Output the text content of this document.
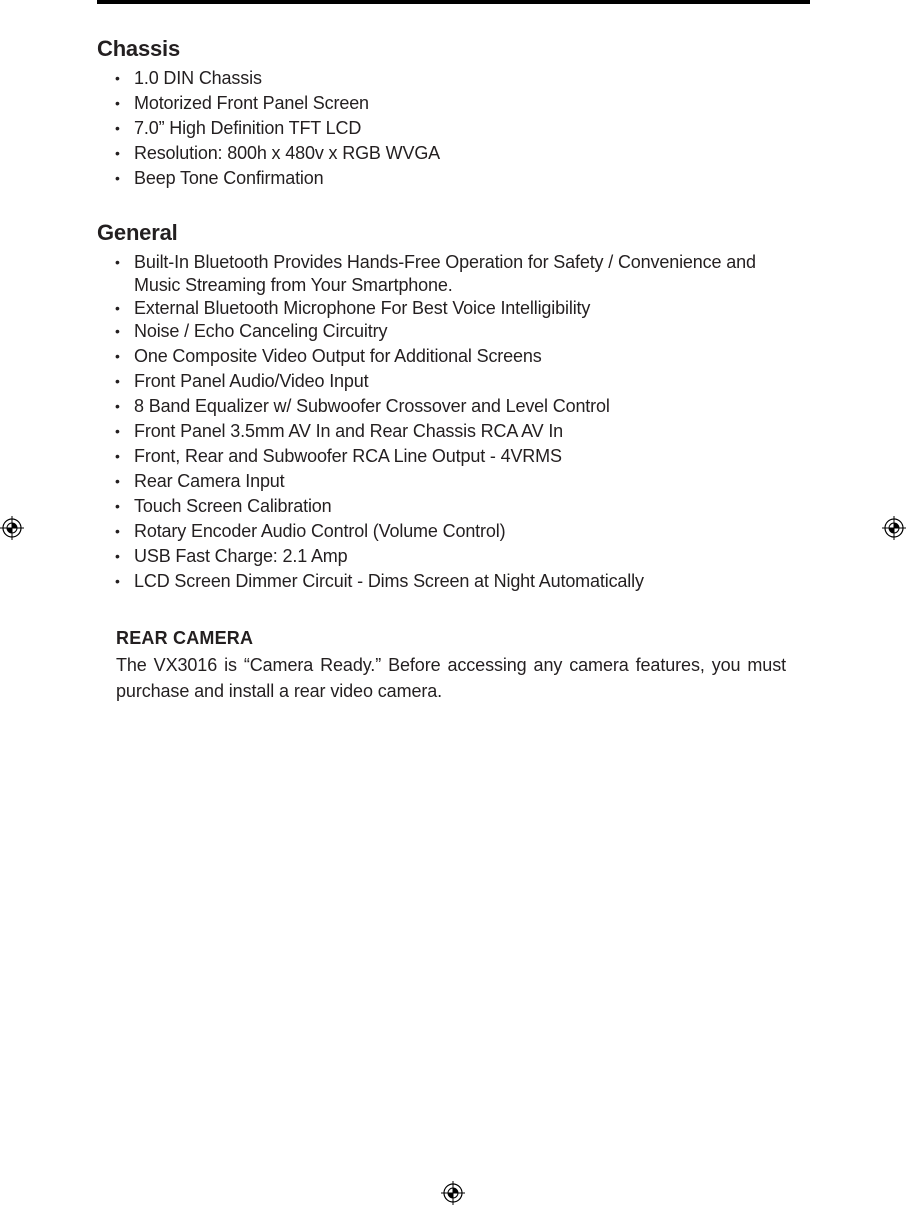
Chassis
• 1.0 DIN Chassis
• Motorized Front Panel Screen
• 7.0” High Definition TFT LCD
• Resolution: 800h x 480v x RGB WVGA
• Beep Tone Confirmation
General
• Built-In Bluetooth Provides Hands-Free Operation for Safety / Convenience and Music Streaming from Your Smartphone.
• External Bluetooth Microphone For Best Voice Intelligibility
• Noise / Echo Canceling Circuitry
• One Composite Video Output for Additional Screens
• Front Panel Audio/Video Input
• 8 Band Equalizer w/ Subwoofer Crossover and Level Control
• Front Panel 3.5mm AV In and Rear Chassis RCA AV In
• Front, Rear and Subwoofer RCA Line Output - 4VRMS
• Rear Camera Input
• Touch Screen Calibration
• Rotary Encoder Audio Control (Volume Control)
• USB Fast Charge: 2.1 Amp
• LCD Screen Dimmer Circuit - Dims Screen at Night Automatically
REAR CAMERA

The VX3016 is “Camera Ready.” Before accessing any camera features, you must purchase and install a rear video camera.
